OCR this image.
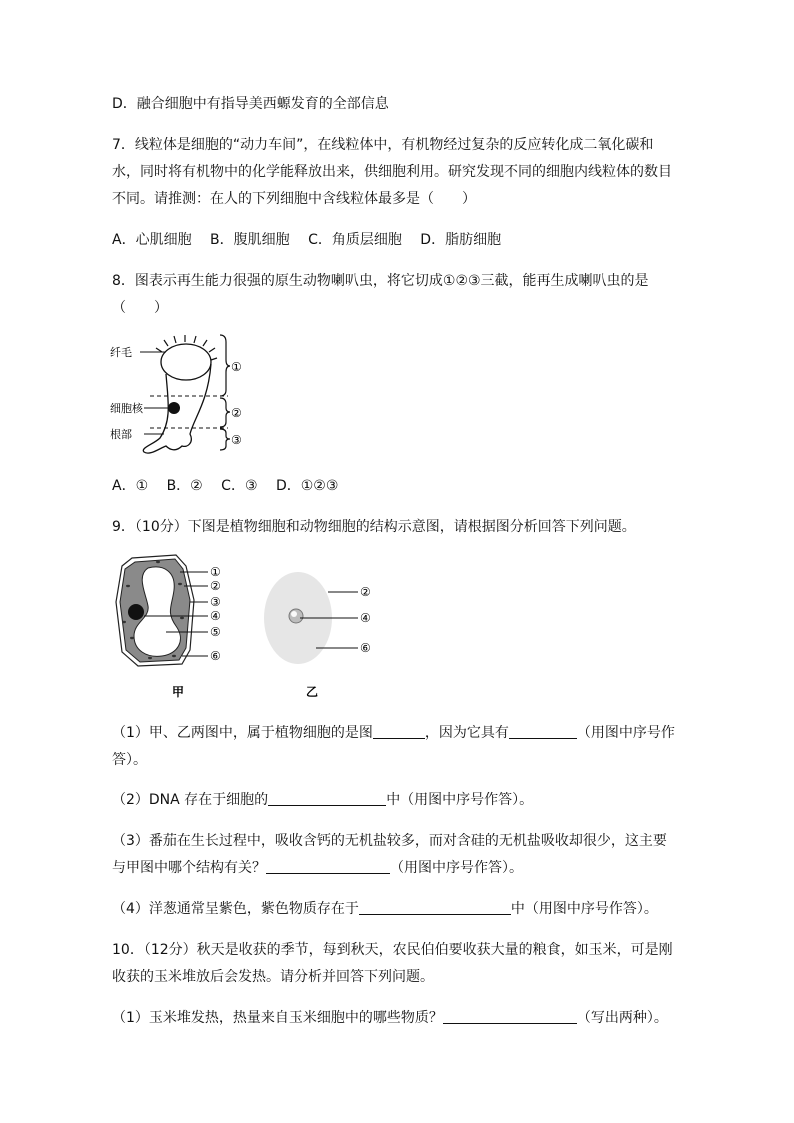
D．融合细胞中有指导美西螈发育的全部信息
7．线粒体是细胞的“动力车间”，在线粒体中，有机物经过复杂的反应转化成二氧化碳和
水，同时将有机物中的化学能释放出来，供细胞利用。研究发现不同的细胞内线粒体的数目
不同。请推测：在人的下列细胞中含线粒体最多是（　　）
A．心肌细胞　 B．腹肌细胞　 C．角质层细胞　 D．脂肪细胞
8．图表示再生能力很强的原生动物喇叭虫，将它切成①②③三截，能再生成喇叭虫的是
（　　）
纤毛
细胞核
根部
①
②
③
A．①　 B．②　 C．③　 D．①②③
9．（10分）下图是植物细胞和动物细胞的结构示意图，请根据图分析回答下列问题。
①
②
③
④
⑤
⑥
②
④
⑥
甲	乙
（1）甲、乙两图中，属于植物细胞的是图	，因为它具有	（用图中序号作
答）。
（2）DNA 存在于细胞的	中（用图中序号作答）。
（3）番茄在生长过程中，吸收含钙的无机盐较多，而对含硅的无机盐吸收却很少，这主要
与甲图中哪个结构有关？	（用图中序号作答）。
（4）洋葱通常呈紫色，紫色物质存在于	中（用图中序号作答）。
10．（12分）秋天是收获的季节，每到秋天，农民伯伯要收获大量的粮食，如玉米，可是刚
收获的玉米堆放后会发热。请分析并回答下列问题。
（1）玉米堆发热，热量来自玉米细胞中的哪些物质？	（写出两种）。
